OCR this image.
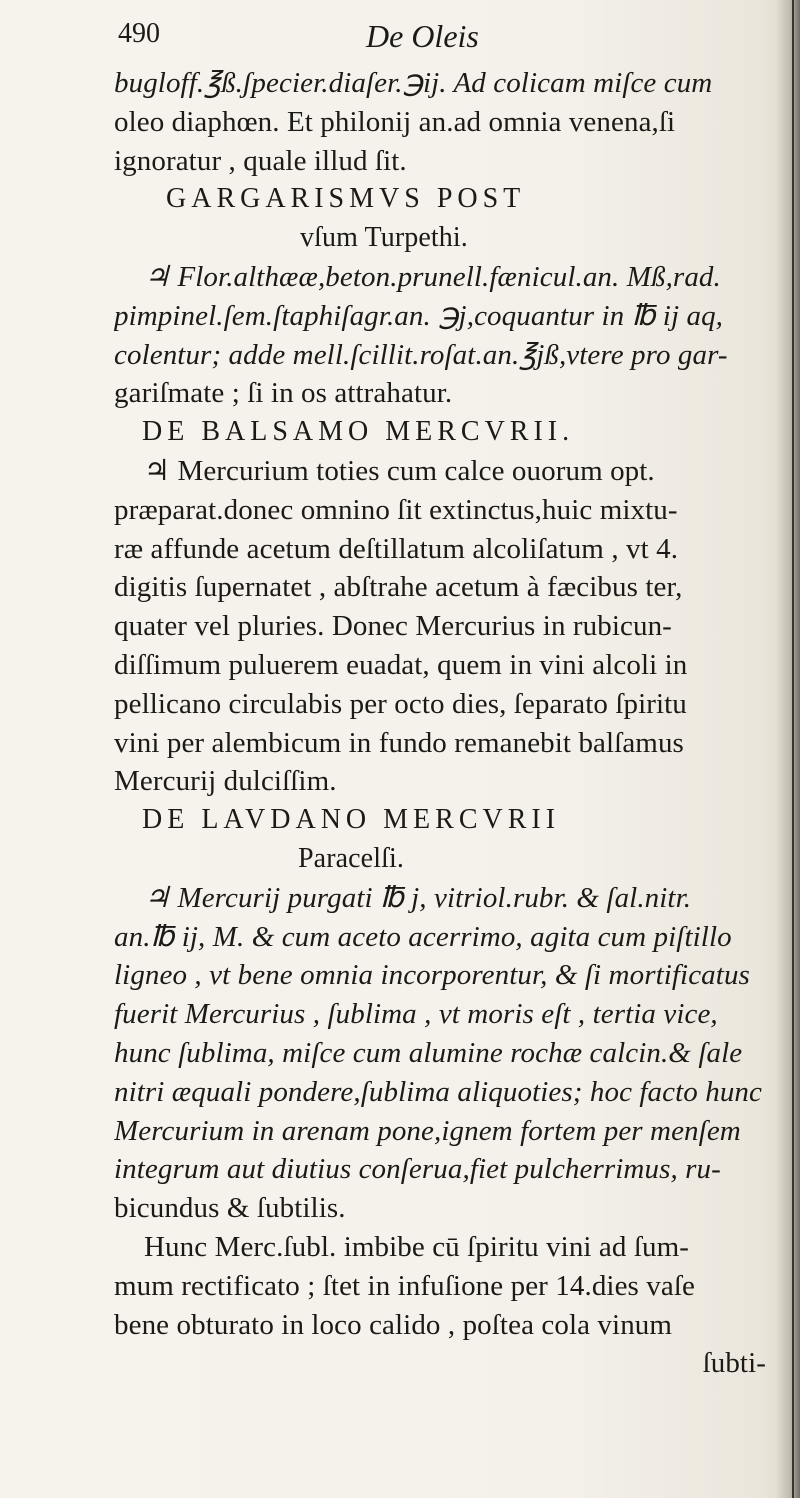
490	De Oleis
bugloff.℥ß.ʃpecier.diaſer.℈ij. Ad colicam miſce cum
oleo diaphœn. Et philonij an.ad omnia venena,ſi
ignoratur , quale illud ſit.
GARGARISMVS POST
vſum Turpethi.
♃ Flor.althææ,beton.prunell.fænicul.an. Mß,rad.
pimpinel.ſem.ſtaphiſagr.an. ℈j,coquantur in ℔ ij aq,
colentur; adde mell.ſcillit.roſat.an.℥jß,vtere pro gar-
gariſmate ; ſi in os attrahatur.
DE BALSAMO MERCVRII.
♃ Mercurium toties cum calce ouorum opt.
præparat.donec omnino ſit extinctus,huic mixtu-
ræ affunde acetum deſtillatum alcoliſatum , vt 4.
digitis ſupernatet , abſtrahe acetum à fæcibus ter,
quater vel pluries. Donec Mercurius in rubicun-
diſſimum puluerem euadat, quem in vini alcoli in
pellicano circulabis per octo dies, ſeparato ſpiritu
vini per alembicum in fundo remanebit balſamus
Mercurij dulciſſim.
DE LAVDANO MERCVRII
Paracelſi.
♃ Mercurij purgati ℔ j, vitriol.rubr. & ſal.nitr.
an.℔ ij, M. & cum aceto acerrimo, agita cum piſtillo
ligneo , vt bene omnia incorporentur, & ſi mortificatus
fuerit Mercurius , ſublima , vt moris eſt , tertia vice,
hunc ſublima, miſce cum alumine rochæ calcin.& ſale
nitri æquali pondere,ſublima aliquoties; hoc facto hunc
Mercurium in arenam pone,ignem fortem per menſem
integrum aut diutius conſerua,fiet pulcherrimus, ru-
bicundus & ſubtilis.
Hunc Merc.ſubl. imbibe cū ſpiritu vini ad ſum-
mum rectificato ; ſtet in infuſione per 14.dies vaſe
bene obturato in loco calido , poſtea cola vinum
ſubti-
